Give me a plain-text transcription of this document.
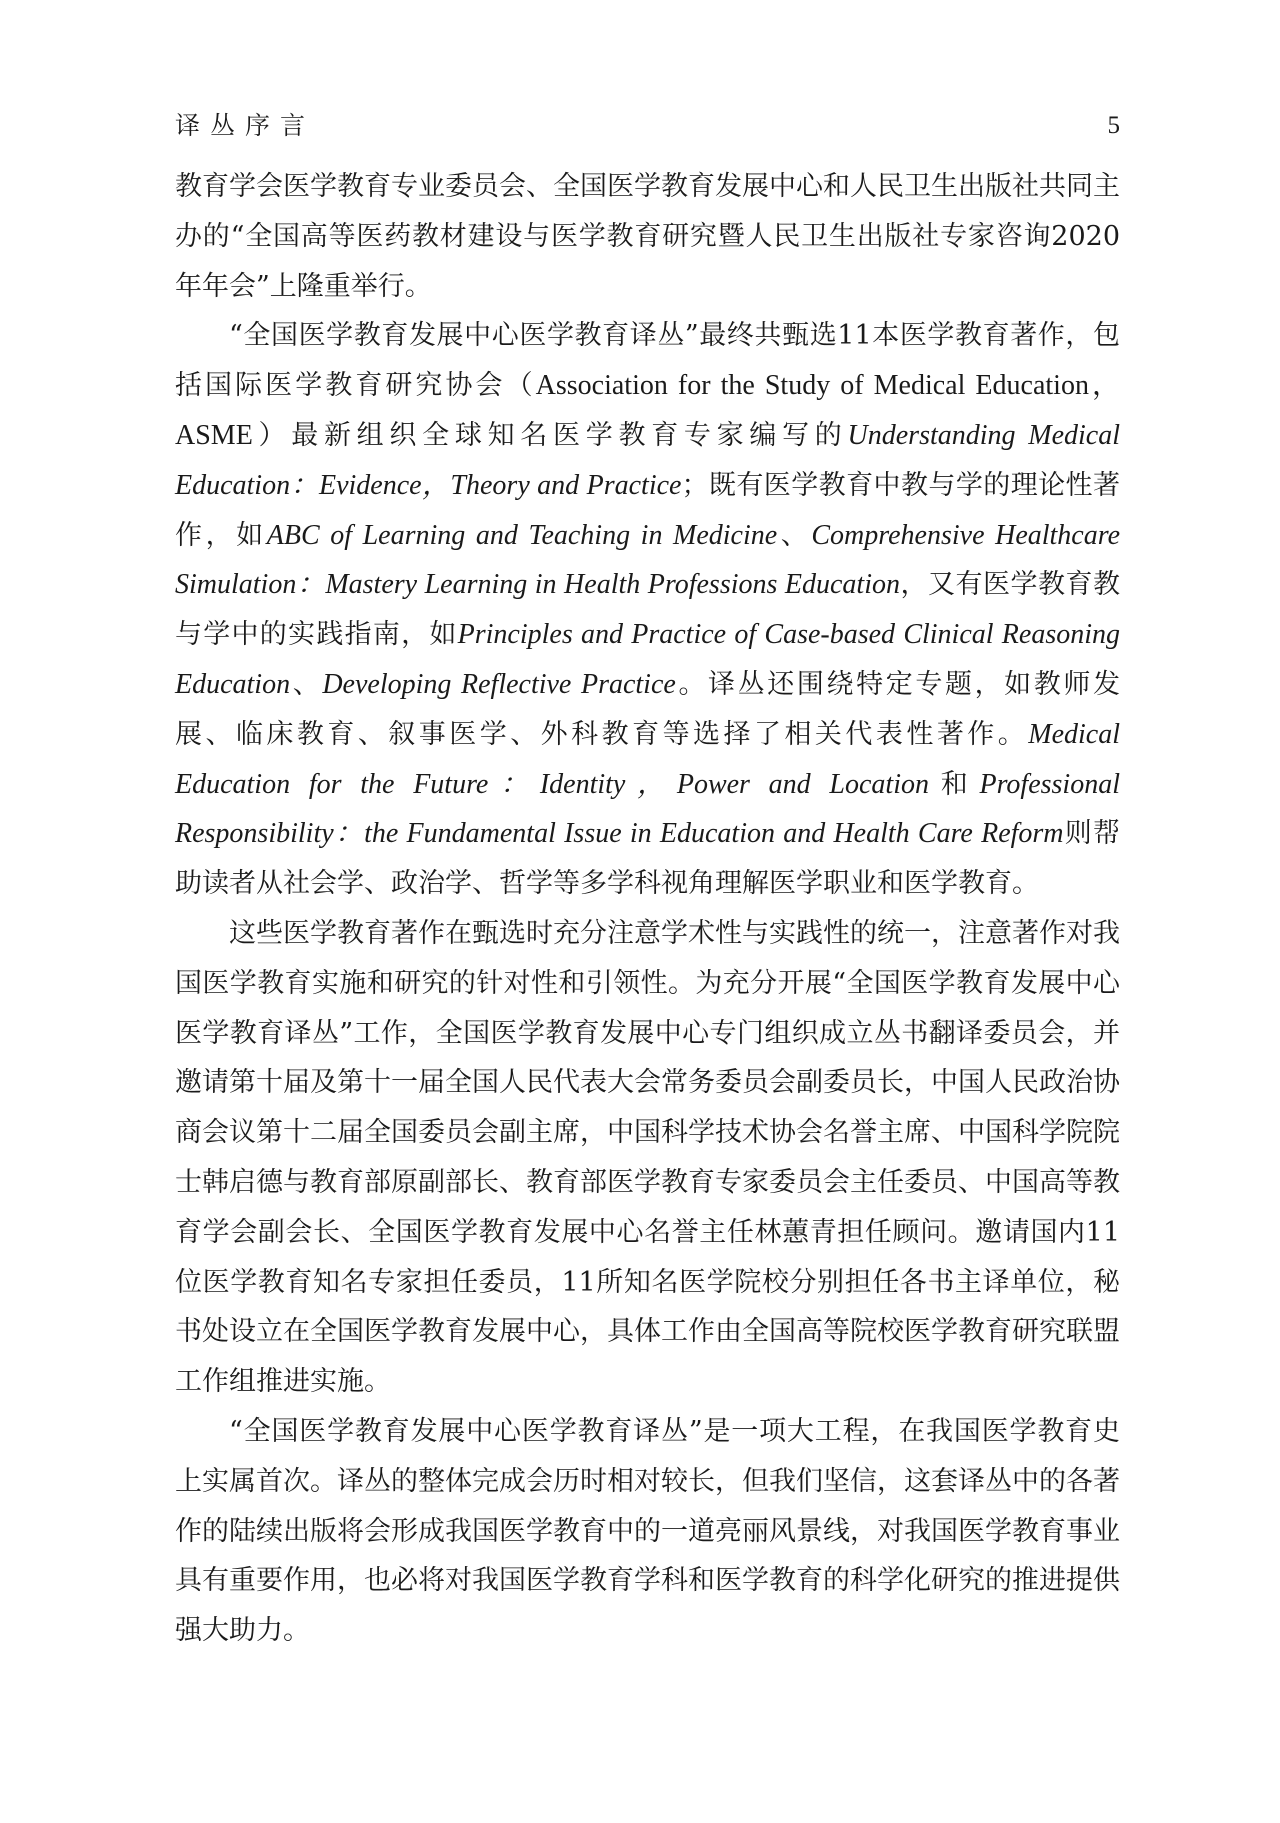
译丛序言	5

教育学会医学教育专业委员会、全国医学教育发展中心和人民卫生出版社共同主办的“全国高等医药教材建设与医学教育研究暨人民卫生出版社专家咨询2020年年会”上隆重举行。

“全国医学教育发展中心医学教育译丛”最终共甄选11本医学教育著作，包括国际医学教育研究协会（Association for the Study of Medical Education，ASME）最新组织全球知名医学教育专家编写的Understanding Medical Education：Evidence，Theory and Practice；既有医学教育中教与学的理论性著作，如ABC of Learning and Teaching in Medicine、Comprehensive Healthcare Simulation：Mastery Learning in Health Professions Education，又有医学教育教与学中的实践指南，如Principles and Practice of Case-based Clinical Reasoning Education、Developing Reflective Practice。译丛还围绕特定专题，如教师发展、临床教育、叙事医学、外科教育等选择了相关代表性著作。Medical Education for the Future：Identity，Power and Location和Professional Responsibility：the Fundamental Issue in Education and Health Care Reform则帮助读者从社会学、政治学、哲学等多学科视角理解医学职业和医学教育。

这些医学教育著作在甄选时充分注意学术性与实践性的统一，注意著作对我国医学教育实施和研究的针对性和引领性。为充分开展“全国医学教育发展中心医学教育译丛”工作，全国医学教育发展中心专门组织成立丛书翻译委员会，并邀请第十届及第十一届全国人民代表大会常务委员会副委员长，中国人民政治协商会议第十二届全国委员会副主席，中国科学技术协会名誉主席、中国科学院院士韩启德与教育部原副部长、教育部医学教育专家委员会主任委员、中国高等教育学会副会长、全国医学教育发展中心名誉主任林蕙青担任顾问。邀请国内11位医学教育知名专家担任委员，11所知名医学院校分别担任各书主译单位，秘书处设立在全国医学教育发展中心，具体工作由全国高等院校医学教育研究联盟工作组推进实施。

“全国医学教育发展中心医学教育译丛”是一项大工程，在我国医学教育史上实属首次。译丛的整体完成会历时相对较长，但我们坚信，这套译丛中的各著作的陆续出版将会形成我国医学教育中的一道亮丽风景线，对我国医学教育事业具有重要作用，也必将对我国医学教育学科和医学教育的科学化研究的推进提供强大助力。
